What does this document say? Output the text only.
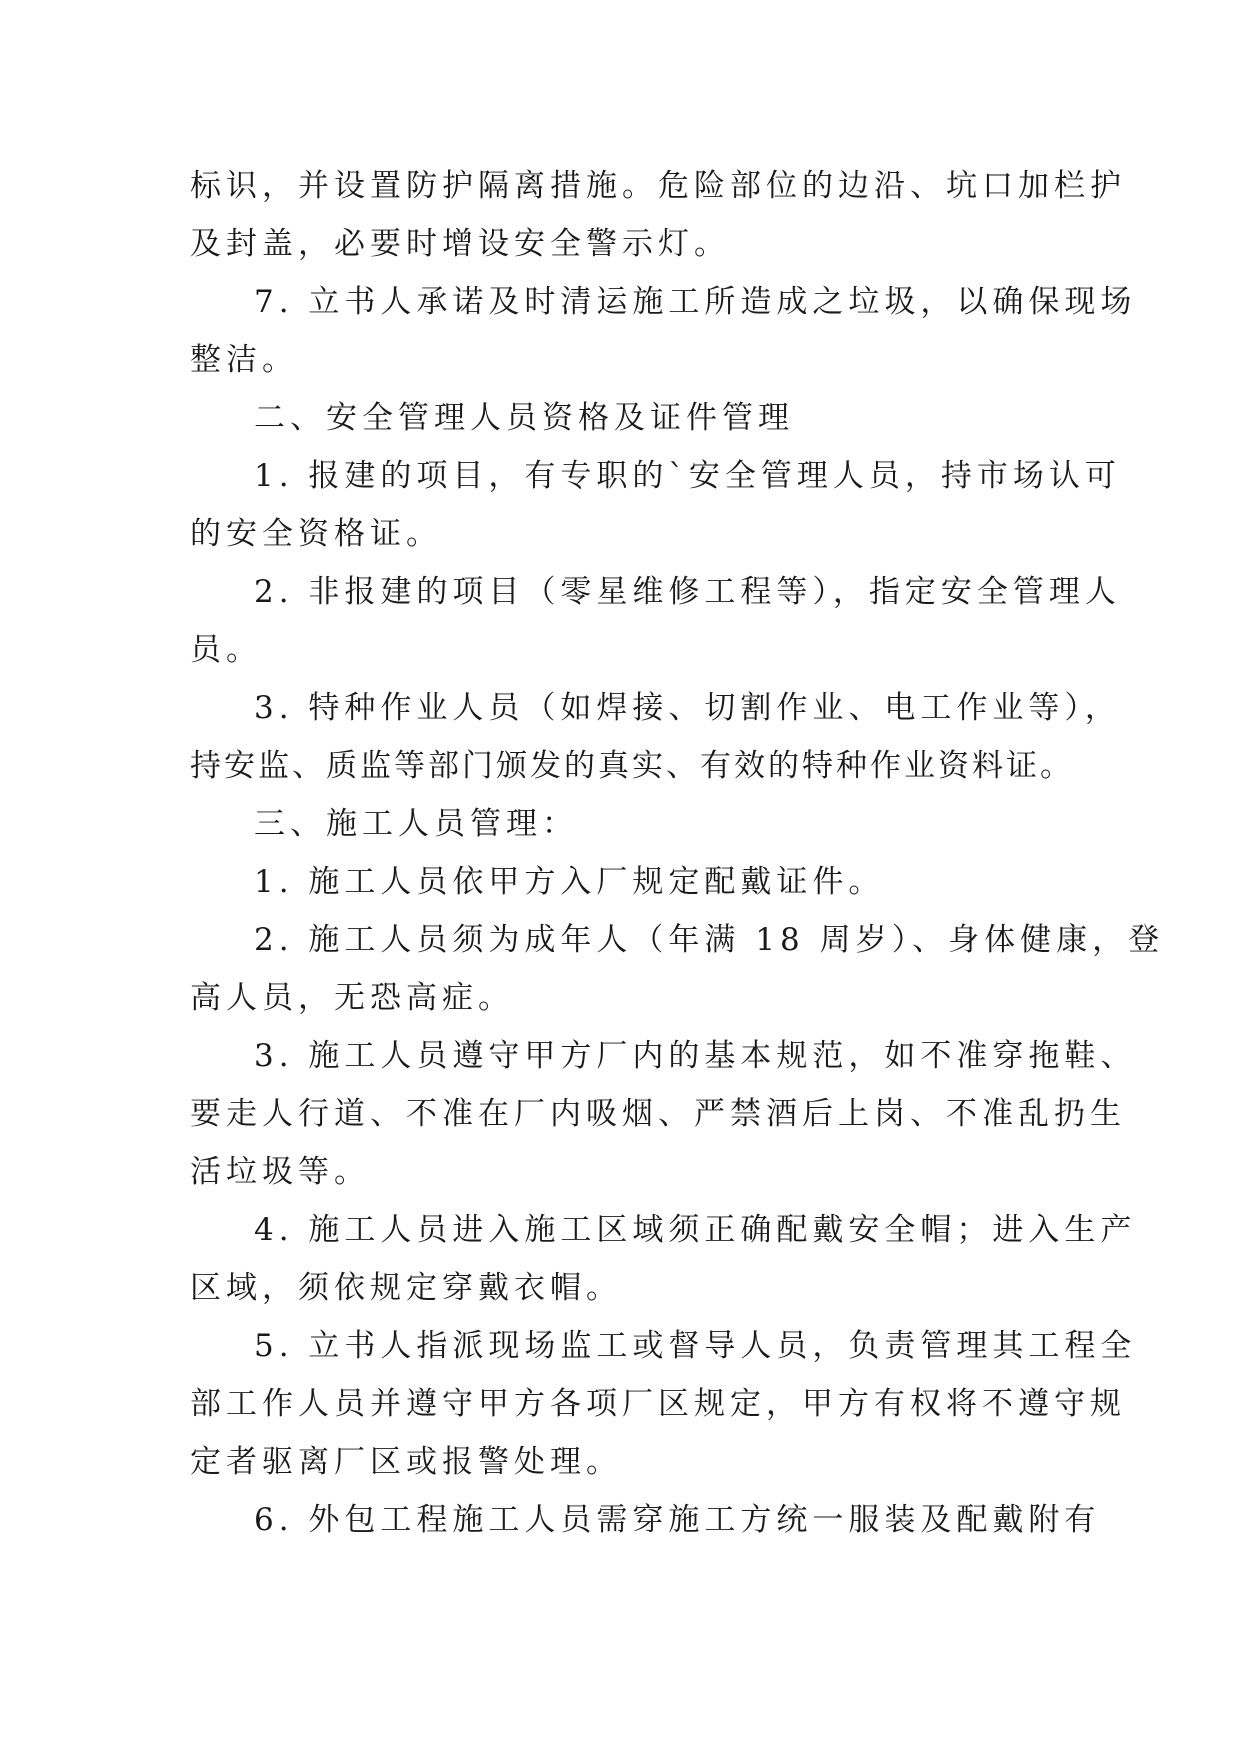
标识，并设置防护隔离措施。危险部位的边沿、坑口加栏护
及封盖，必要时增设安全警示灯。
7. 立书人承诺及时清运施工所造成之垃圾，以确保现场
整洁。
二、安全管理人员资格及证件管理
1. 报建的项目，有专职的`安全管理人员，持市场认可
的安全资格证。
2. 非报建的项目（零星维修工程等），指定安全管理人
员。
3. 特种作业人员（如焊接、切割作业、电工作业等），
持安监、质监等部门颁发的真实、有效的特种作业资料证。
三、施工人员管理：
1. 施工人员依甲方入厂规定配戴证件。
2. 施工人员须为成年人（年满 18 周岁）、身体健康，登
高人员，无恐高症。
3. 施工人员遵守甲方厂内的基本规范，如不准穿拖鞋、
要走人行道、不准在厂内吸烟、严禁酒后上岗、不准乱扔生
活垃圾等。
4. 施工人员进入施工区域须正确配戴安全帽；进入生产
区域，须依规定穿戴衣帽。
5. 立书人指派现场监工或督导人员，负责管理其工程全
部工作人员并遵守甲方各项厂区规定，甲方有权将不遵守规
定者驱离厂区或报警处理。
6. 外包工程施工人员需穿施工方统一服装及配戴附有
